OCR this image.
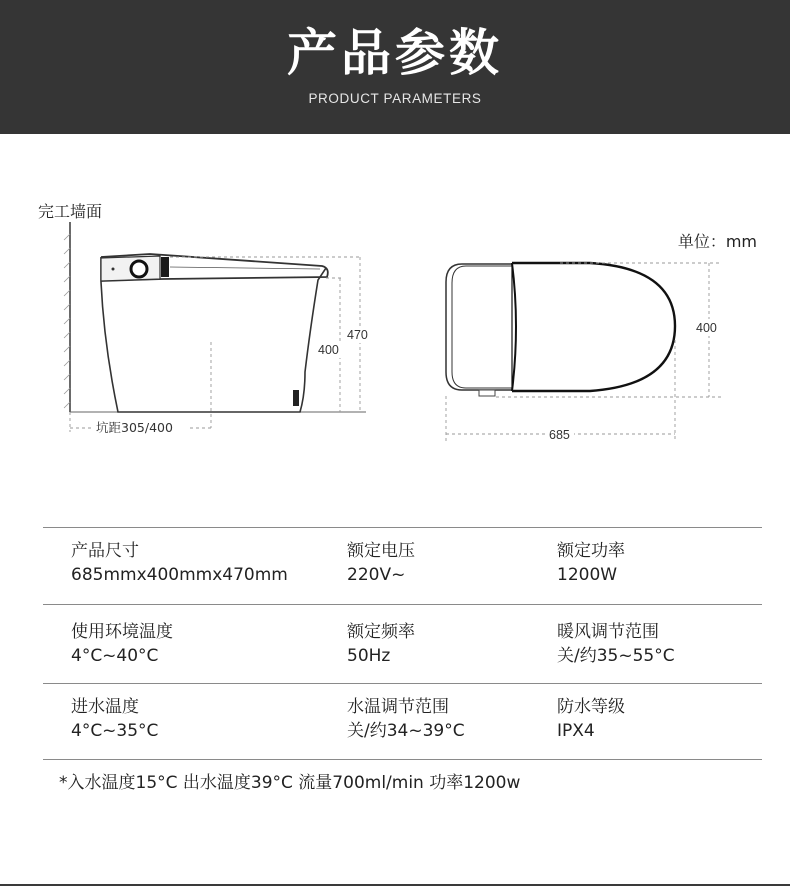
产品参数
PRODUCT PARAMETERS
完工墙面
单位：mm
坑距305/400
400
470	400
685
产品尺寸
685mmx400mmx470mm
额定电压
220V~
额定功率
1200W
使用环境温度
4°C~40°C
额定频率
50Hz
暖风调节范围
关/约35~55°C
进水温度
4°C~35°C
水温调节范围
关/约34~39°C
防水等级
IPX4
*入水温度15°C 出水温度39°C 流量700ml/min 功率1200w
